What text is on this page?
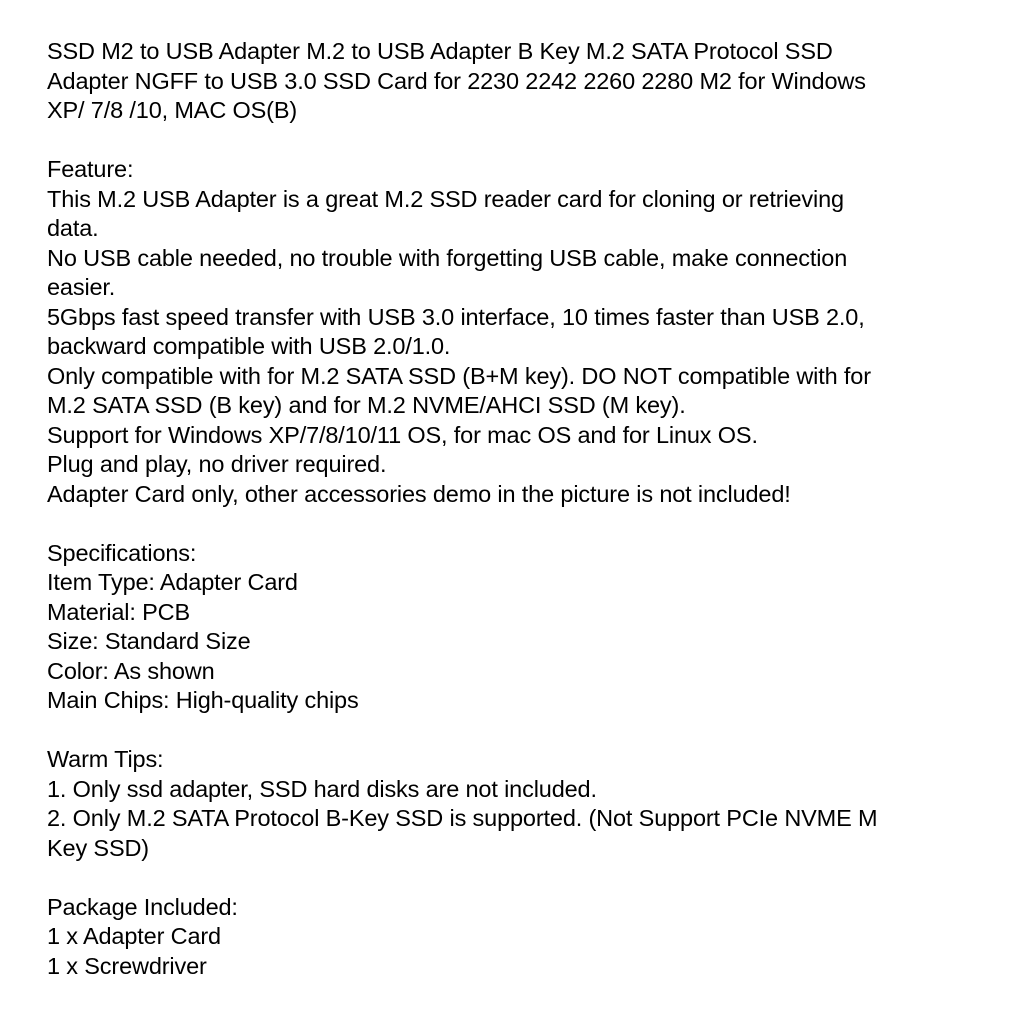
SSD M2 to USB Adapter M.2 to USB Adapter B Key M.2 SATA Protocol SSD
Adapter NGFF to USB 3.0 SSD Card for 2230 2242 2260 2280 M2 for Windows
XP/ 7/8 /10, MAC OS(B)
Feature:
This M.2 USB Adapter is a great M.2 SSD reader card for cloning or retrieving
data.
No USB cable needed, no trouble with forgetting USB cable, make connection
easier.
5Gbps fast speed transfer with USB 3.0 interface, 10 times faster than USB 2.0,
backward compatible with USB 2.0/1.0.
Only compatible with for M.2 SATA SSD (B+M key). DO NOT compatible with for
M.2 SATA SSD (B key) and for M.2 NVME/AHCI SSD (M key).
Support for Windows XP/7/8/10/11 OS, for mac OS and for Linux OS.
Plug and play, no driver required.
Adapter Card only, other accessories demo in the picture is not included!
Specifications:
Item Type: Adapter Card
Material: PCB
Size: Standard Size
Color: As shown
Main Chips: High-quality chips
Warm Tips:
1. Only ssd adapter, SSD hard disks are not included.
2. Only M.2 SATA Protocol B-Key SSD is supported. (Not Support PCIe NVME M
Key SSD)
Package Included:
1 x Adapter Card
1 x Screwdriver
